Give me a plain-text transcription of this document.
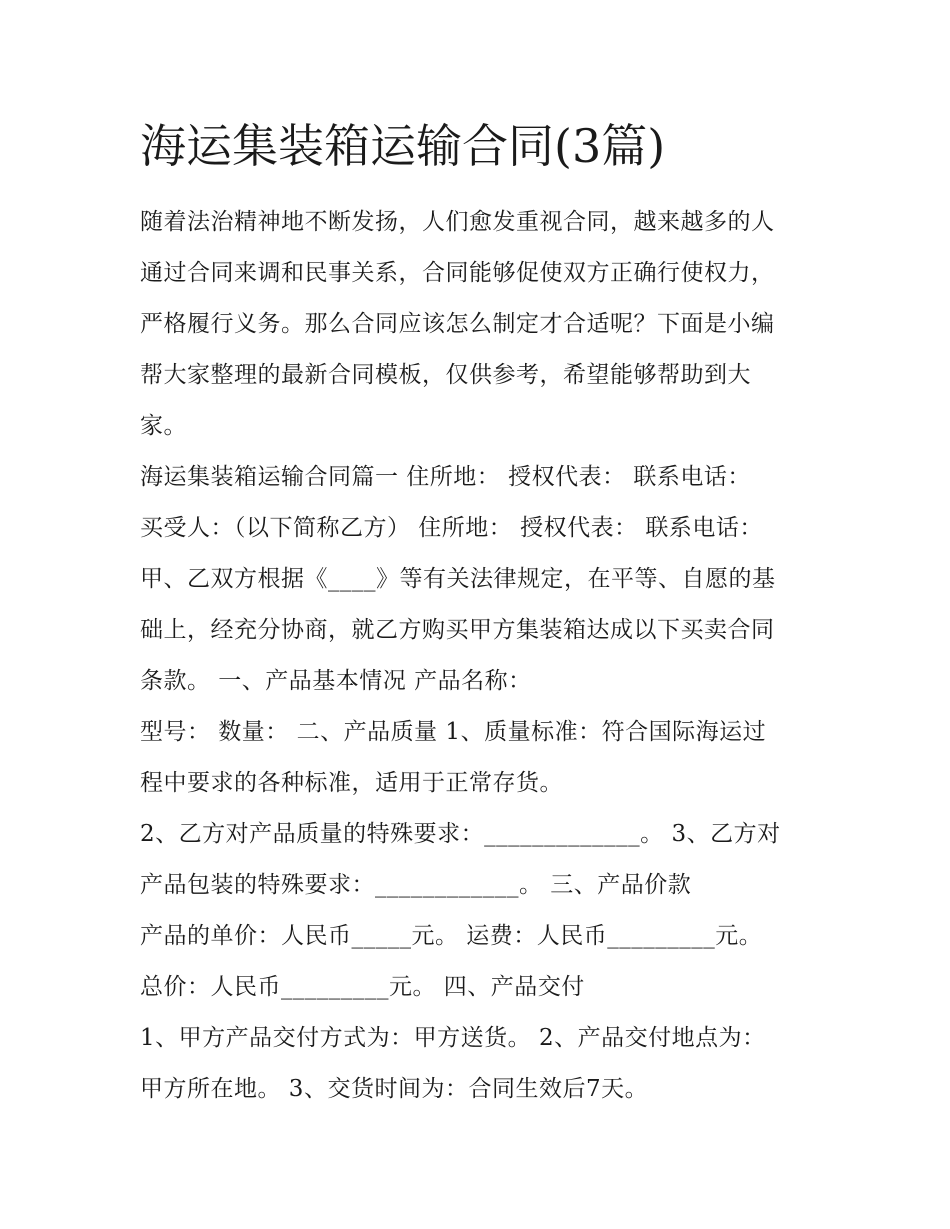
海运集装箱运输合同(3篇)

随着法治精神地不断发扬，人们愈发重视合同，越来越多的人

通过合同来调和民事关系，合同能够促使双方正确行使权力，

严格履行义务。那么合同应该怎么制定才合适呢？下面是小编

帮大家整理的最新合同模板，仅供参考，希望能够帮助到大

家。

海运集装箱运输合同篇一 住所地： 授权代表： 联系电话：

买受人：（以下简称乙方） 住所地： 授权代表： 联系电话：

甲、乙双方根据《____》等有关法律规定，在平等、自愿的基

础上，经充分协商，就乙方购买甲方集装箱达成以下买卖合同

条款。 一、产品基本情况 产品名称：

型号： 数量： 二、产品质量 1、质量标准：符合国际海运过

程中要求的各种标准，适用于正常存货。

2、乙方对产品质量的特殊要求：_____________。 3、乙方对

产品包装的特殊要求：____________。 三、产品价款

产品的单价：人民币_____元。 运费：人民币_________元。

总价：人民币_________元。 四、产品交付

1、甲方产品交付方式为：甲方送货。 2、产品交付地点为：

甲方所在地。 3、交货时间为：合同生效后7天。
